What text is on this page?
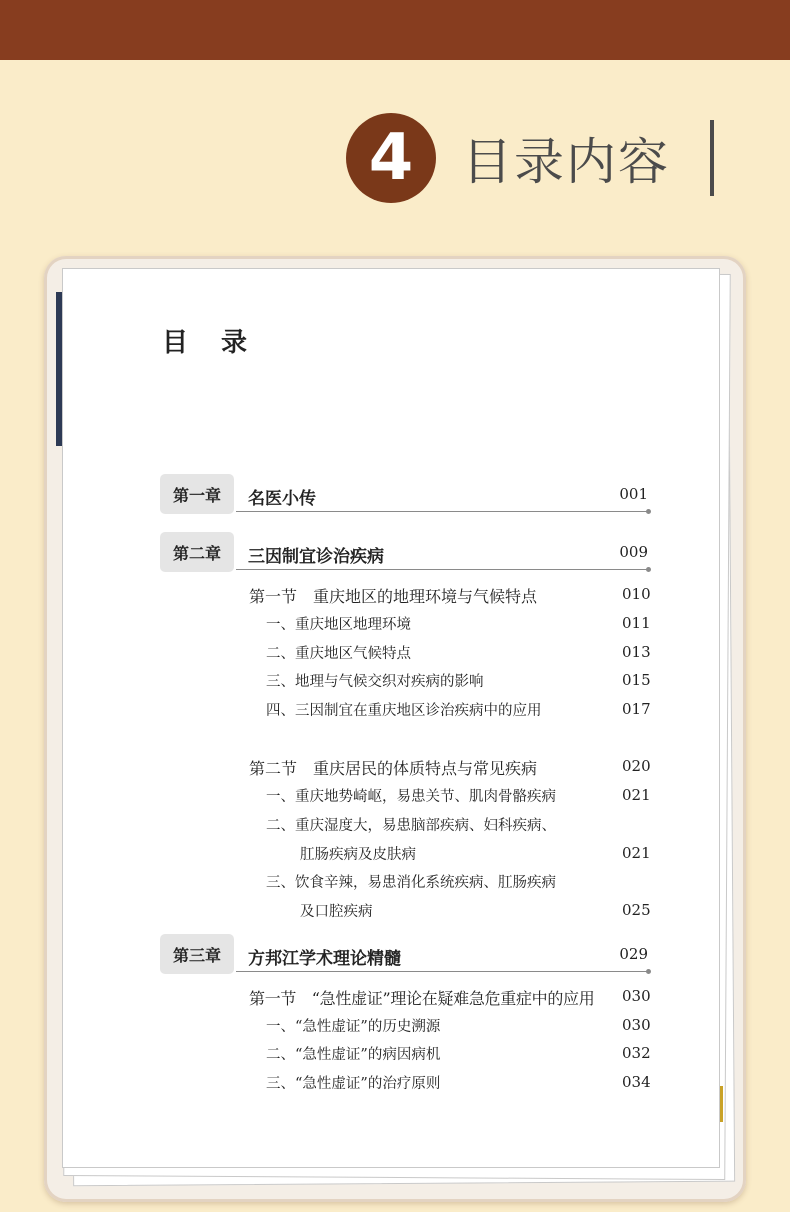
4 目录内容
目 录
第一章	名医小传	001
第二章	三因制宜诊治疾病	009
第一节　重庆地区的地理环境与气候特点	010
一、重庆地区地理环境	011
二、重庆地区气候特点	013
三、地理与气候交织对疾病的影响	015
四、三因制宜在重庆地区诊治疾病中的应用	017
第二节　重庆居民的体质特点与常见疾病	020
一、重庆地势崎岖，易患关节、肌肉骨骼疾病	021
二、重庆湿度大，易患脑部疾病、妇科疾病、
肛肠疾病及皮肤病	021
三、饮食辛辣，易患消化系统疾病、肛肠疾病
及口腔疾病	025
第三章	方邦江学术理论精髓	029
第一节　“急性虚证”理论在疑难急危重症中的应用	030
一、“急性虚证”的历史溯源	030
二、“急性虚证”的病因病机	032
三、“急性虚证”的治疗原则	034
